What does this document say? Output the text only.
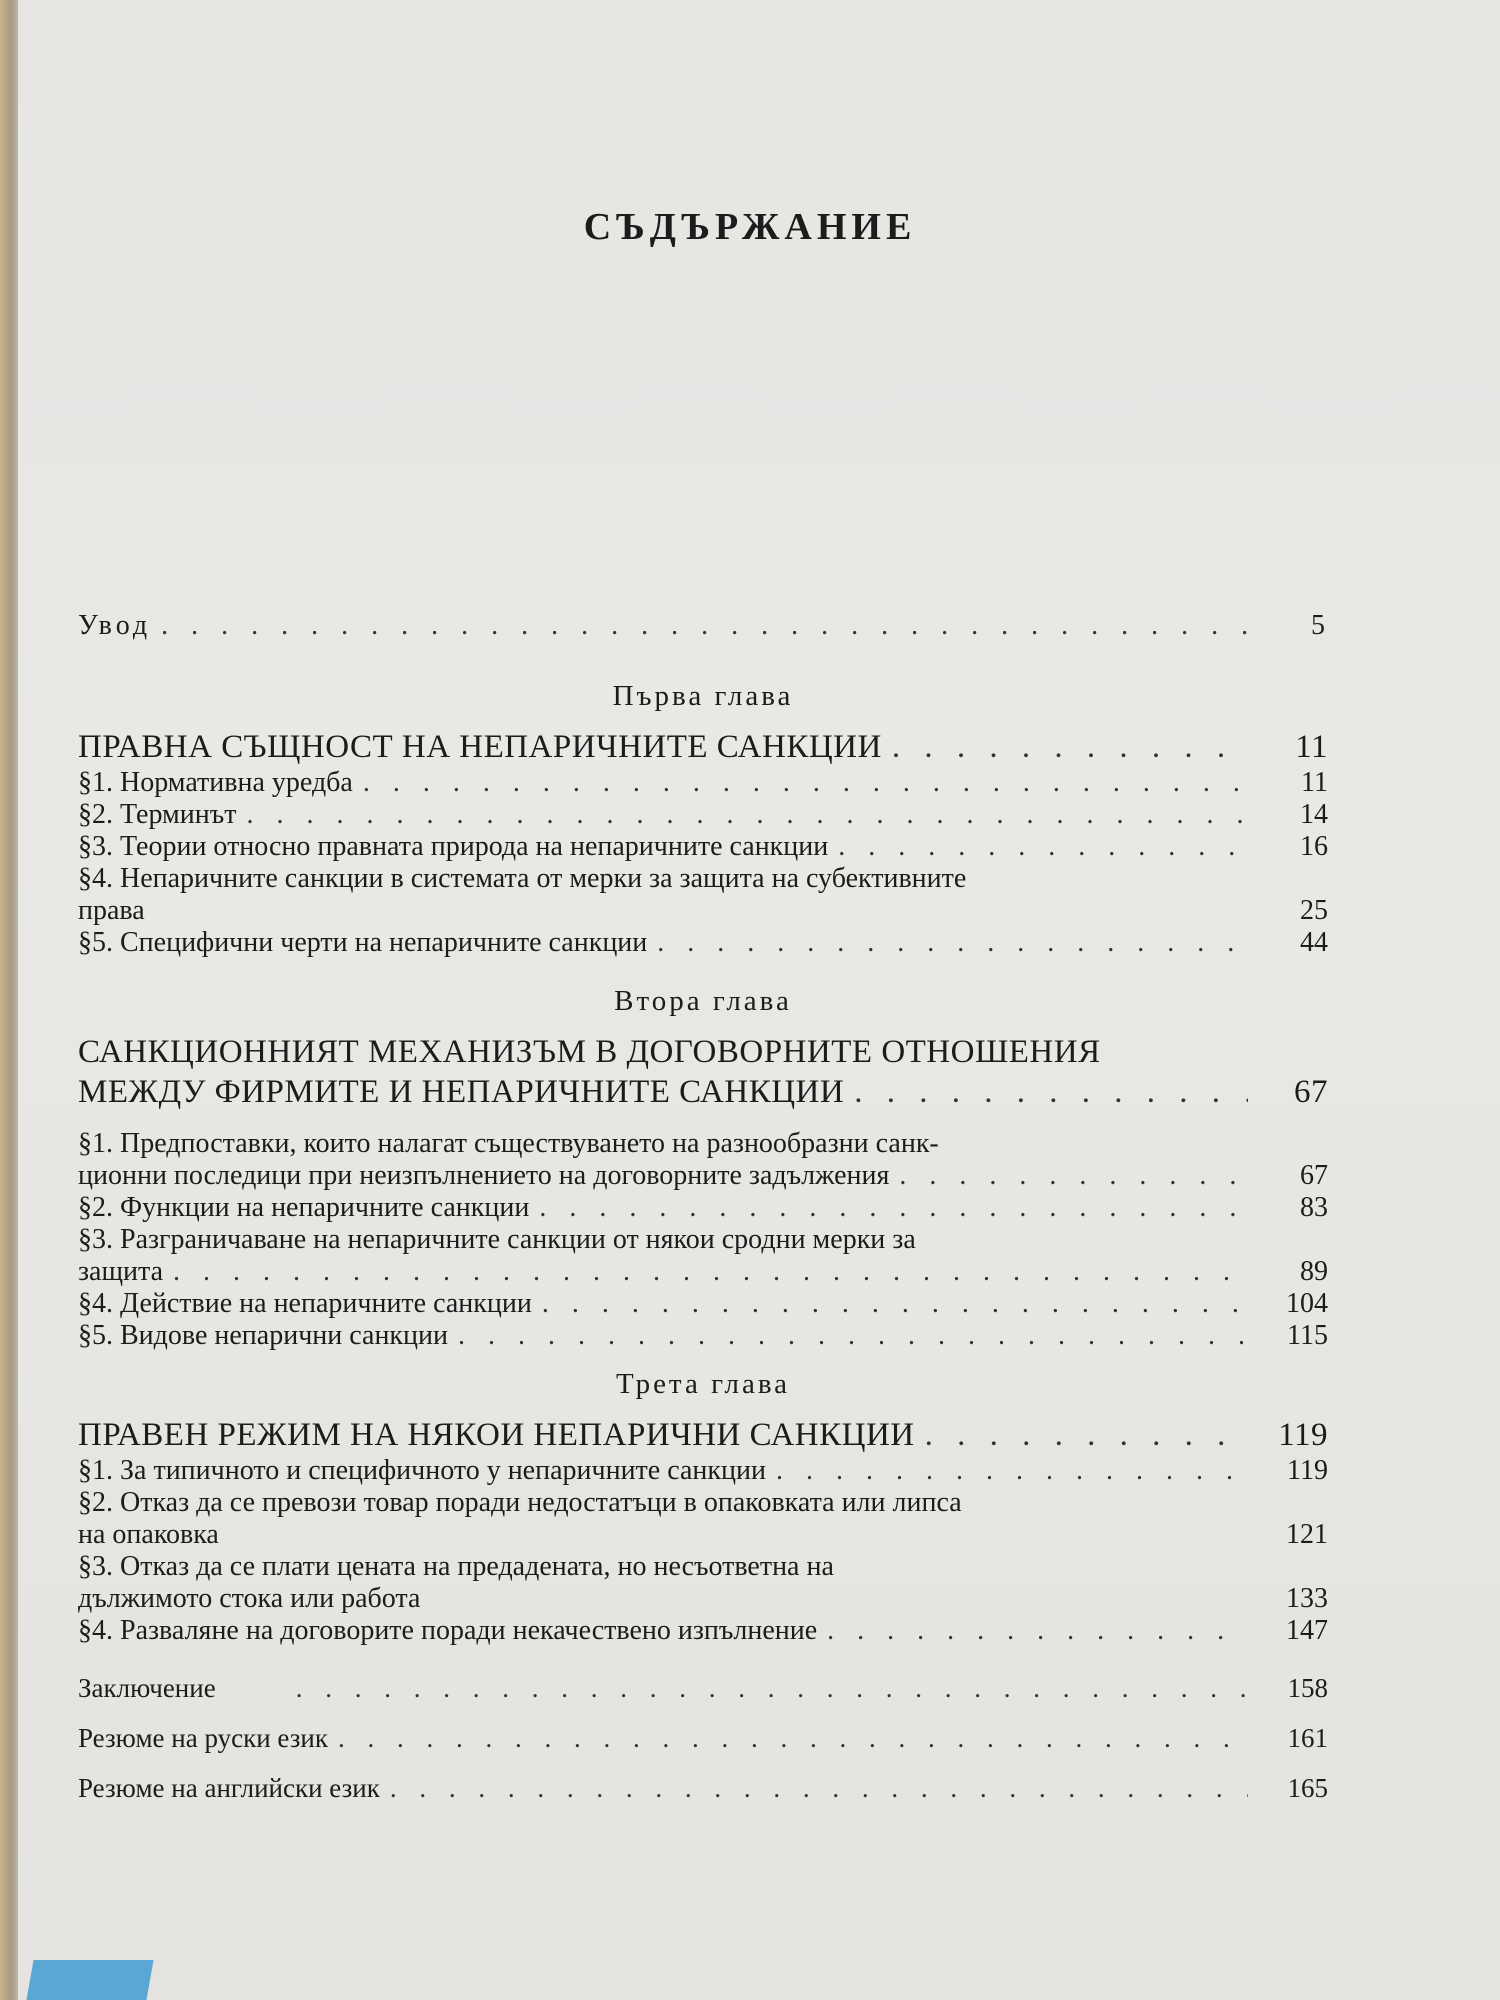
СЪДЪРЖАНИЕ
Увод . . .	5
Първа глава
ПРАВНА СЪЩНОСТ НА НЕПАРИЧНИТЕ САНКЦИИ . . .	11
§1. Нормативна уредба . . .	11
§2. Терминът . . .	14
§3. Теории относно правната природа на непаричните санкции . . .	16
§4. Непаричните санкции в системата от мерки за защита на субективните
права	25
§5. Специфични черти на непаричните санкции . . .	44
Втора глава
САНКЦИОННИЯТ МЕХАНИЗЪМ В ДОГОВОРНИТЕ ОТНОШЕНИЯ
МЕЖДУ ФИРМИТЕ И НЕПАРИЧНИТЕ САНКЦИИ . . .	67
§1. Предпоставки, които налагат съществуването на разнообразни санк-
ционни последици при неизпълнението на договорните задължения . . .	67
§2. Функции на непаричните санкции . . .	83
§3. Разграничаване на непаричните санкции от някои сродни мерки за
защита . . .	89
§4. Действие на непаричните санкции . . .	104
§5. Видове непарични санкции . . .	115
Трета глава
ПРАВЕН РЕЖИМ НА НЯКОИ НЕПАРИЧНИ САНКЦИИ . . .	119
§1. За типичното и специфичното у непаричните санкции . . .	119
§2. Отказ да се превози товар поради недостатъци в опаковката или липса
на опаковка	121
§3. Отказ да се плати цената на предадената, но несъответна на
дължимото стока или работа	133
§4. Разваляне на договорите поради некачествено изпълнение . . .	147
Заключение . . .	158
Резюме на руски език . . .	161
Резюме на английски език . . .	165
